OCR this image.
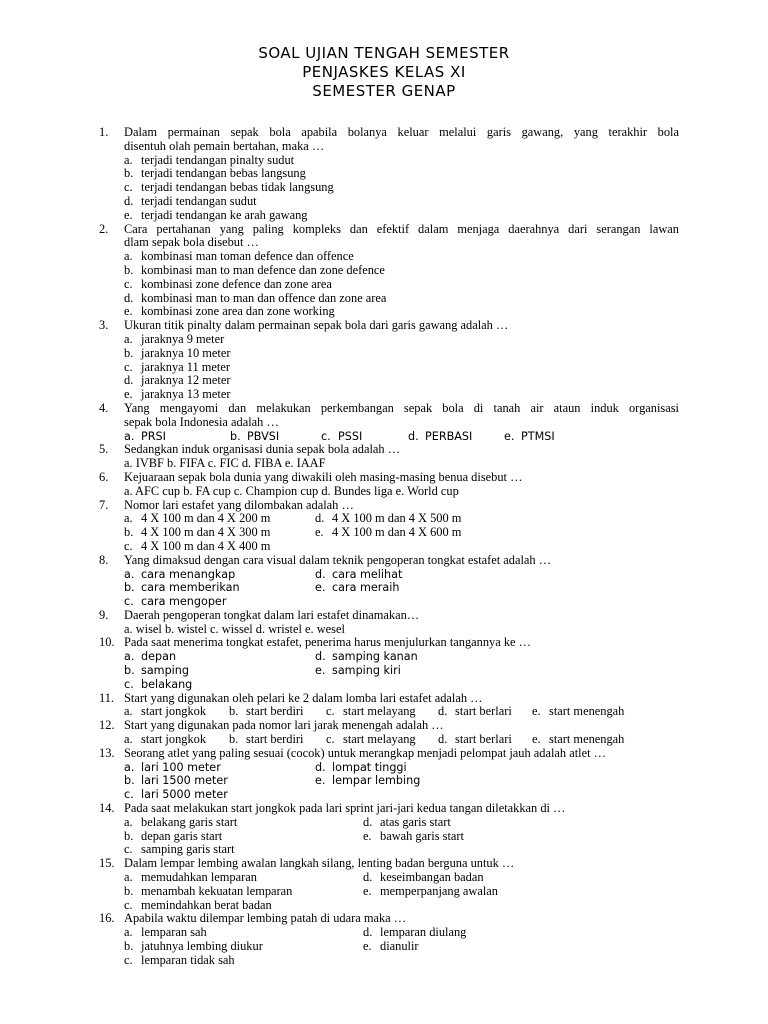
SOAL UJIAN TENGAH SEMESTER
PENJASKES KELAS XI
SEMESTER GENAP
1.	Dalam permainan sepak bola apabila bolanya keluar melalui garis gawang, yang terakhir bola
disentuh olah pemain bertahan, maka …
a. terjadi tendangan pinalty sudut
b. terjadi tendangan bebas langsung
c. terjadi tendangan bebas tidak langsung
d. terjadi tendangan sudut
e. terjadi tendangan ke arah gawang
2.	Cara pertahanan yang paling kompleks dan efektif dalam menjaga daerahnya dari serangan lawan
dlam sepak bola disebut …
a. kombinasi man toman defence dan offence
b. kombinasi man to man defence dan zone defence
c. kombinasi zone defence dan zone area
d. kombinasi man to man dan offence dan zone area
e. kombinasi zone area dan zone working
3.	Ukuran titik pinalty dalam permainan sepak bola dari garis gawang adalah …
a. jaraknya 9 meter
b. jaraknya 10 meter
c. jaraknya 11 meter
d. jaraknya 12 meter
e. jaraknya 13 meter
4.	Yang mengayomi dan melakukan perkembangan sepak bola di tanah air ataun induk organisasi
sepak bola Indonesia adalah …
a. PRSI	b. PBVSI	c. PSSI	d. PERBASI	e. PTMSI
5.	Sedangkan induk organisasi dunia sepak bola adalah …
a. IVBF b. FIFA c. FIC d. FIBA e. IAAF
6.	Kejuaraan sepak bola dunia yang diwakili oleh masing-masing benua disebut …
a. AFC cup b. FA cup c. Champion cup d. Bundes liga e. World cup
7.	Nomor lari estafet yang dilombakan adalah …
a. 4 X 100 m dan 4 X 200 m	d. 4 X 100 m dan 4 X 500 m
b. 4 X 100 m dan 4 X 300 m	e. 4 X 100 m dan 4 X 600 m
c. 4 X 100 m dan 4 X 400 m
8.	Yang dimaksud dengan cara visual dalam teknik pengoperan tongkat estafet adalah …
a. cara menangkap	d. cara melihat
b. cara memberikan	e. cara meraih
c. cara mengoper
9.	Daerah pengoperan tongkat dalam lari estafet dinamakan…
a. wisel b. wistel c. wissel d. wristel e. wesel
10. Pada saat menerima tongkat estafet, penerima harus menjulurkan tangannya ke …
a. depan	d. samping kanan
b. samping	e. samping kiri
c. belakang
11. Start yang digunakan oleh pelari ke 2 dalam lomba lari estafet adalah …
a. start jongkok b. start berdiri c. start melayang d. start berlari e. start menengah
12. Start yang digunakan pada nomor lari jarak menengah adalah …
a. start jongkok b. start berdiri c. start melayang d. start berlari e. start menengah
13. Seorang atlet yang paling sesuai (cocok) untuk merangkap menjadi pelompat jauh adalah atlet …
a. lari 100 meter	d. lompat tinggi
b. lari 1500 meter	e. lempar lembing
c. lari 5000 meter
14. Pada saat melakukan start jongkok pada lari sprint jari-jari kedua tangan diletakkan di …
a. belakang garis start	d. atas garis start
b. depan garis start	e. bawah garis start
c. samping garis start
15. Dalam lempar lembing awalan langkah silang, lenting badan berguna untuk …
a. memudahkan lemparan	d. keseimbangan badan
b. menambah kekuatan lemparan	e. memperpanjang awalan
c. memindahkan berat badan
16. Apabila waktu dilempar lembing patah di udara maka …
a. lemparan sah	d. lemparan diulang
b. jatuhnya lembing diukur	e. dianulir
c. lemparan tidak sah
